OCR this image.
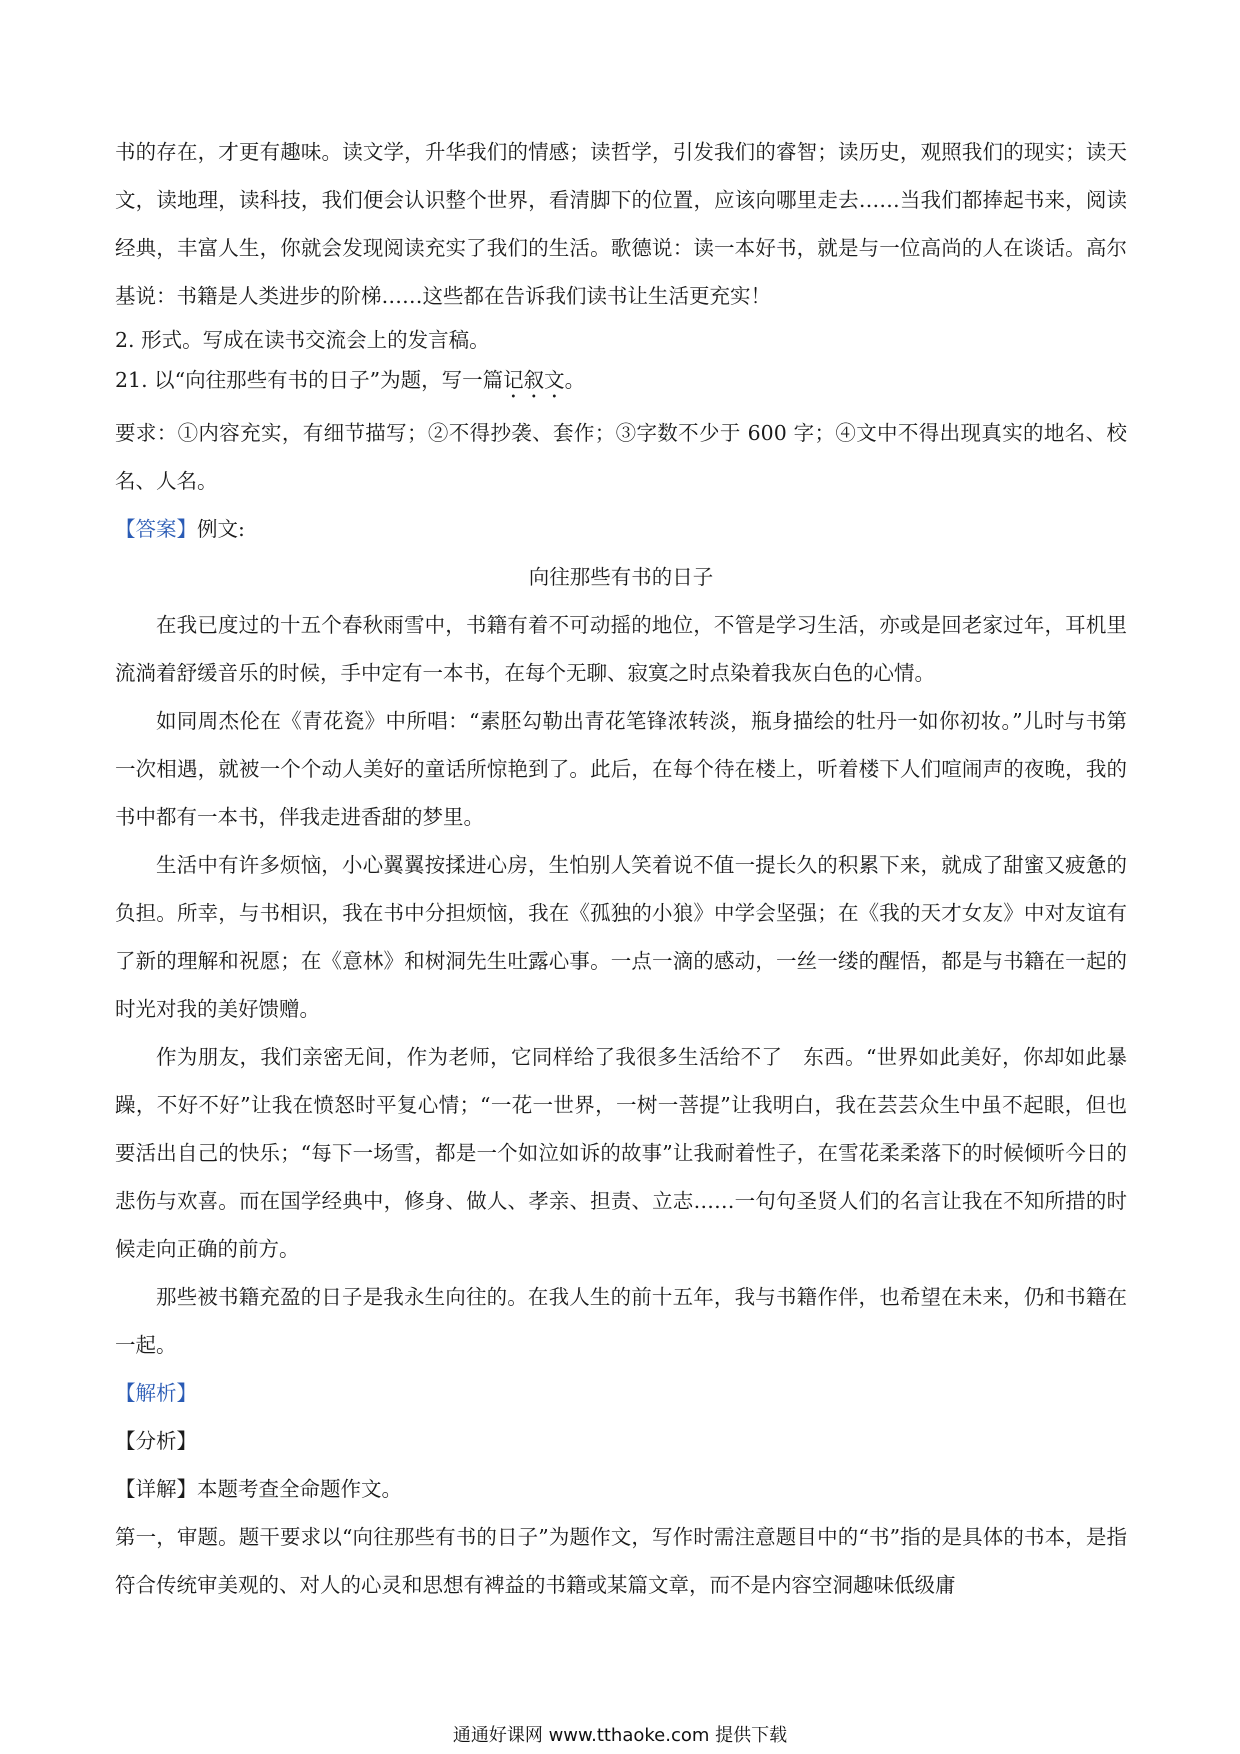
书的存在，才更有趣味。读文学，升华我们的情感；读哲学，引发我们的睿智；读历史，观照我们的现实；读天文，读地理，读科技，我们便会认识整个世界，看清脚下的位置，应该向哪里走去……当我们都捧起书来，阅读经典，丰富人生，你就会发现阅读充实了我们的生活。歌德说：读一本好书，就是与一位高尚的人在谈话。高尔基说：书籍是人类进步的阶梯……这些都在告诉我们读书让生活更充实！

2. 形式。写成在读书交流会上的发言稿。

21. 以“向往那些有书的日子”为题，写一篇记叙文。

要求：①内容充实，有细节描写；②不得抄袭、套作；③字数不少于 600 字；④文中不得出现真实的地名、校名、人名。

【答案】例文:

向往那些有书的日子

在我已度过的十五个春秋雨雪中，书籍有着不可动摇的地位，不管是学习生活，亦或是回老家过年，耳机里流淌着舒缓音乐的时候，手中定有一本书，在每个无聊、寂寞之时点染着我灰白色的心情。

如同周杰伦在《青花瓷》中所唱：“素胚勾勒出青花笔锋浓转淡，瓶身描绘的牡丹一如你初妆。”儿时与书第一次相遇，就被一个个动人美好的童话所惊艳到了。此后，在每个待在楼上，听着楼下人们喧闹声的夜晚，我的书中都有一本书，伴我走进香甜的梦里。

生活中有许多烦恼，小心翼翼按揉进心房，生怕别人笑着说不值一提长久的积累下来，就成了甜蜜又疲惫的负担。所幸，与书相识，我在书中分担烦恼，我在《孤独的小狼》中学会坚强；在《我的天才女友》中对友谊有了新的理解和祝愿；在《意林》和树洞先生吐露心事。一点一滴的感动，一丝一缕的醒悟，都是与书籍在一起的时光对我的美好馈赠。

作为朋友，我们亲密无间，作为老师，它同样给了我很多生活给不了　东西。“世界如此美好，你却如此暴躁，不好不好”让我在愤怒时平复心情；“一花一世界，一树一菩提”让我明白，我在芸芸众生中虽不起眼，但也要活出自己的快乐；“每下一场雪，都是一个如泣如诉的故事”让我耐着性子，在雪花柔柔落下的时候倾听今日的悲伤与欢喜。而在国学经典中，修身、做人、孝亲、担责、立志……一句句圣贤人们的名言让我在不知所措的时候走向正确的前方。

那些被书籍充盈的日子是我永生向往的。在我人生的前十五年，我与书籍作伴，也希望在未来，仍和书籍在一起。

【解析】

【分析】

【详解】本题考查全命题作文。

第一，审题。题干要求以“向往那些有书的日子”为题作文，写作时需注意题目中的“书”指的是具体的书本，是指符合传统审美观的、对人的心灵和思想有裨益的书籍或某篇文章，而不是内容空洞趣味低级庸

通通好课网 www.tthaoke.com 提供下载
